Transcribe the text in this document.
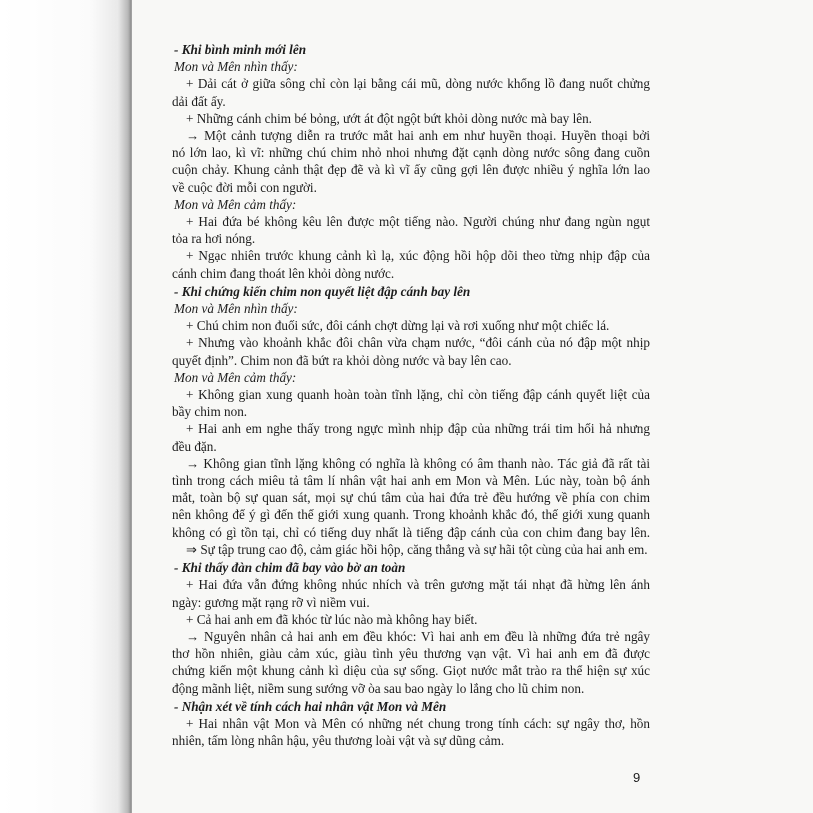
- Khi bình minh mới lên
Mon và Mên nhìn thấy:
+ Dải cát ở giữa sông chỉ còn lại bằng cái mũ, dòng nước khổng lồ đang nuốt chửng
dải đất ấy.
+ Những cánh chim bé bỏng, ướt át đột ngột bứt khỏi dòng nước mà bay lên.
→ Một cảnh tượng diễn ra trước mắt hai anh em như huyền thoại. Huyền thoại bởi
nó lớn lao, kì vĩ: những chú chim nhỏ nhoi nhưng đặt cạnh dòng nước sông đang cuồn
cuộn chảy. Khung cảnh thật đẹp đẽ và kì vĩ ấy cũng gợi lên được nhiều ý nghĩa lớn lao
về cuộc đời mỗi con người.
Mon và Mên cảm thấy:
+ Hai đứa bé không kêu lên được một tiếng nào. Người chúng như đang ngùn ngụt
tỏa ra hơi nóng.
+ Ngạc nhiên trước khung cảnh kì lạ, xúc động hồi hộp dõi theo từng nhịp đập của
cánh chim đang thoát lên khỏi dòng nước.
- Khi chứng kiến chim non quyết liệt đập cánh bay lên
Mon và Mên nhìn thấy:
+ Chú chim non đuối sức, đôi cánh chợt dừng lại và rơi xuống như một chiếc lá.
+ Nhưng vào khoảnh khắc đôi chân vừa chạm nước, “đôi cánh của nó đập một nhịp
quyết định”. Chim non đã bứt ra khỏi dòng nước và bay lên cao.
Mon và Mên cảm thấy:
+ Không gian xung quanh hoàn toàn tĩnh lặng, chỉ còn tiếng đập cánh quyết liệt của
bầy chim non.
+ Hai anh em nghe thấy trong ngực mình nhịp đập của những trái tim hối hả nhưng
đều đặn.
→ Không gian tĩnh lặng không có nghĩa là không có âm thanh nào. Tác giả đã rất tài
tình trong cách miêu tả tâm lí nhân vật hai anh em Mon và Mên. Lúc này, toàn bộ ánh
mắt, toàn bộ sự quan sát, mọi sự chú tâm của hai đứa trẻ đều hướng về phía con chim
nên không để ý gì đến thế giới xung quanh. Trong khoảnh khắc đó, thế giới xung quanh
không có gì tồn tại, chỉ có tiếng duy nhất là tiếng đập cánh của con chim đang bay lên.
⇒ Sự tập trung cao độ, cảm giác hồi hộp, căng thẳng và sự hãi tột cùng của hai anh em.
- Khi thấy đàn chim đã bay vào bờ an toàn
+ Hai đứa vẫn đứng không nhúc nhích và trên gương mặt tái nhạt đã hừng lên ánh
ngày: gương mặt rạng rỡ vì niềm vui.
+ Cả hai anh em đã khóc từ lúc nào mà không hay biết.
→ Nguyên nhân cả hai anh em đều khóc: Vì hai anh em đều là những đứa trẻ ngây
thơ hồn nhiên, giàu cảm xúc, giàu tình yêu thương vạn vật. Vì hai anh em đã được
chứng kiến một khung cảnh kì diệu của sự sống. Giọt nước mắt trào ra thể hiện sự xúc
động mãnh liệt, niềm sung sướng vỡ òa sau bao ngày lo lắng cho lũ chim non.
- Nhận xét về tính cách hai nhân vật Mon và Mên
+ Hai nhân vật Mon và Mên có những nét chung trong tính cách: sự ngây thơ, hồn
nhiên, tấm lòng nhân hậu, yêu thương loài vật và sự dũng cảm.
9
